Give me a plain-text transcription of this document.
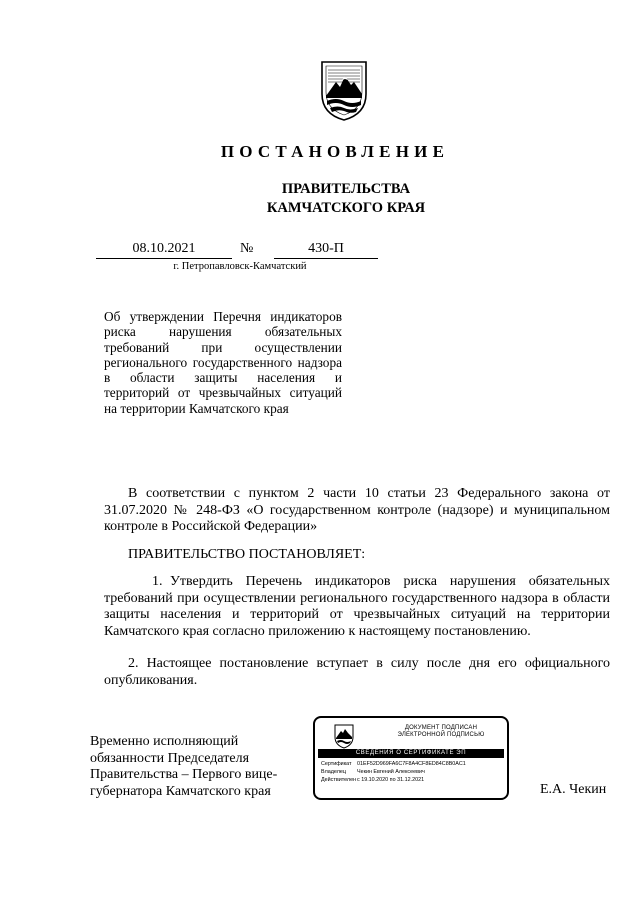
ПОСТАНОВЛЕНИЕ
ПРАВИТЕЛЬСТВА
КАМЧАТСКОГО КРАЯ
08.10.2021	№	430-П
г. Петропавловск-Камчатский
Об утверждении Перечня индикаторов риска нарушения обязательных требований при осуществлении регионального государственного надзора в области защиты населения и территорий от чрезвычайных ситуаций на территории Камчатского края
В соответствии с пунктом 2 части 10 статьи 23 Федерального закона от 31.07.2020 № 248-ФЗ «О государственном контроле (надзоре) и муниципальном контроле в Российской Федерации»
ПРАВИТЕЛЬСТВО ПОСТАНОВЛЯЕТ:
1. Утвердить Перечень индикаторов риска нарушения обязательных требований при осуществлении регионального государственного надзора в области защиты населения и территорий от чрезвычайных ситуаций на территории Камчатского края согласно приложению к настоящему постановлению.
2. Настоящее постановление вступает в силу после дня его официального опубликования.
Временно исполняющий
обязанности Председателя
Правительства – Первого вице-
губернатора Камчатского края	Е.А. Чекин
ДОКУМЕНТ ПОДПИСАН
ЭЛЕКТРОННОЙ ПОДПИСЬЮ
СВЕДЕНИЯ О СЕРТИФИКАТЕ ЭП
Сертификат 01EF52D969FA6C7F8A4CF8ED84C8B0AC1
Владелец Чекин Евгений Алексеевич
Действителенс 19.10.2020 по 31.12.2021
